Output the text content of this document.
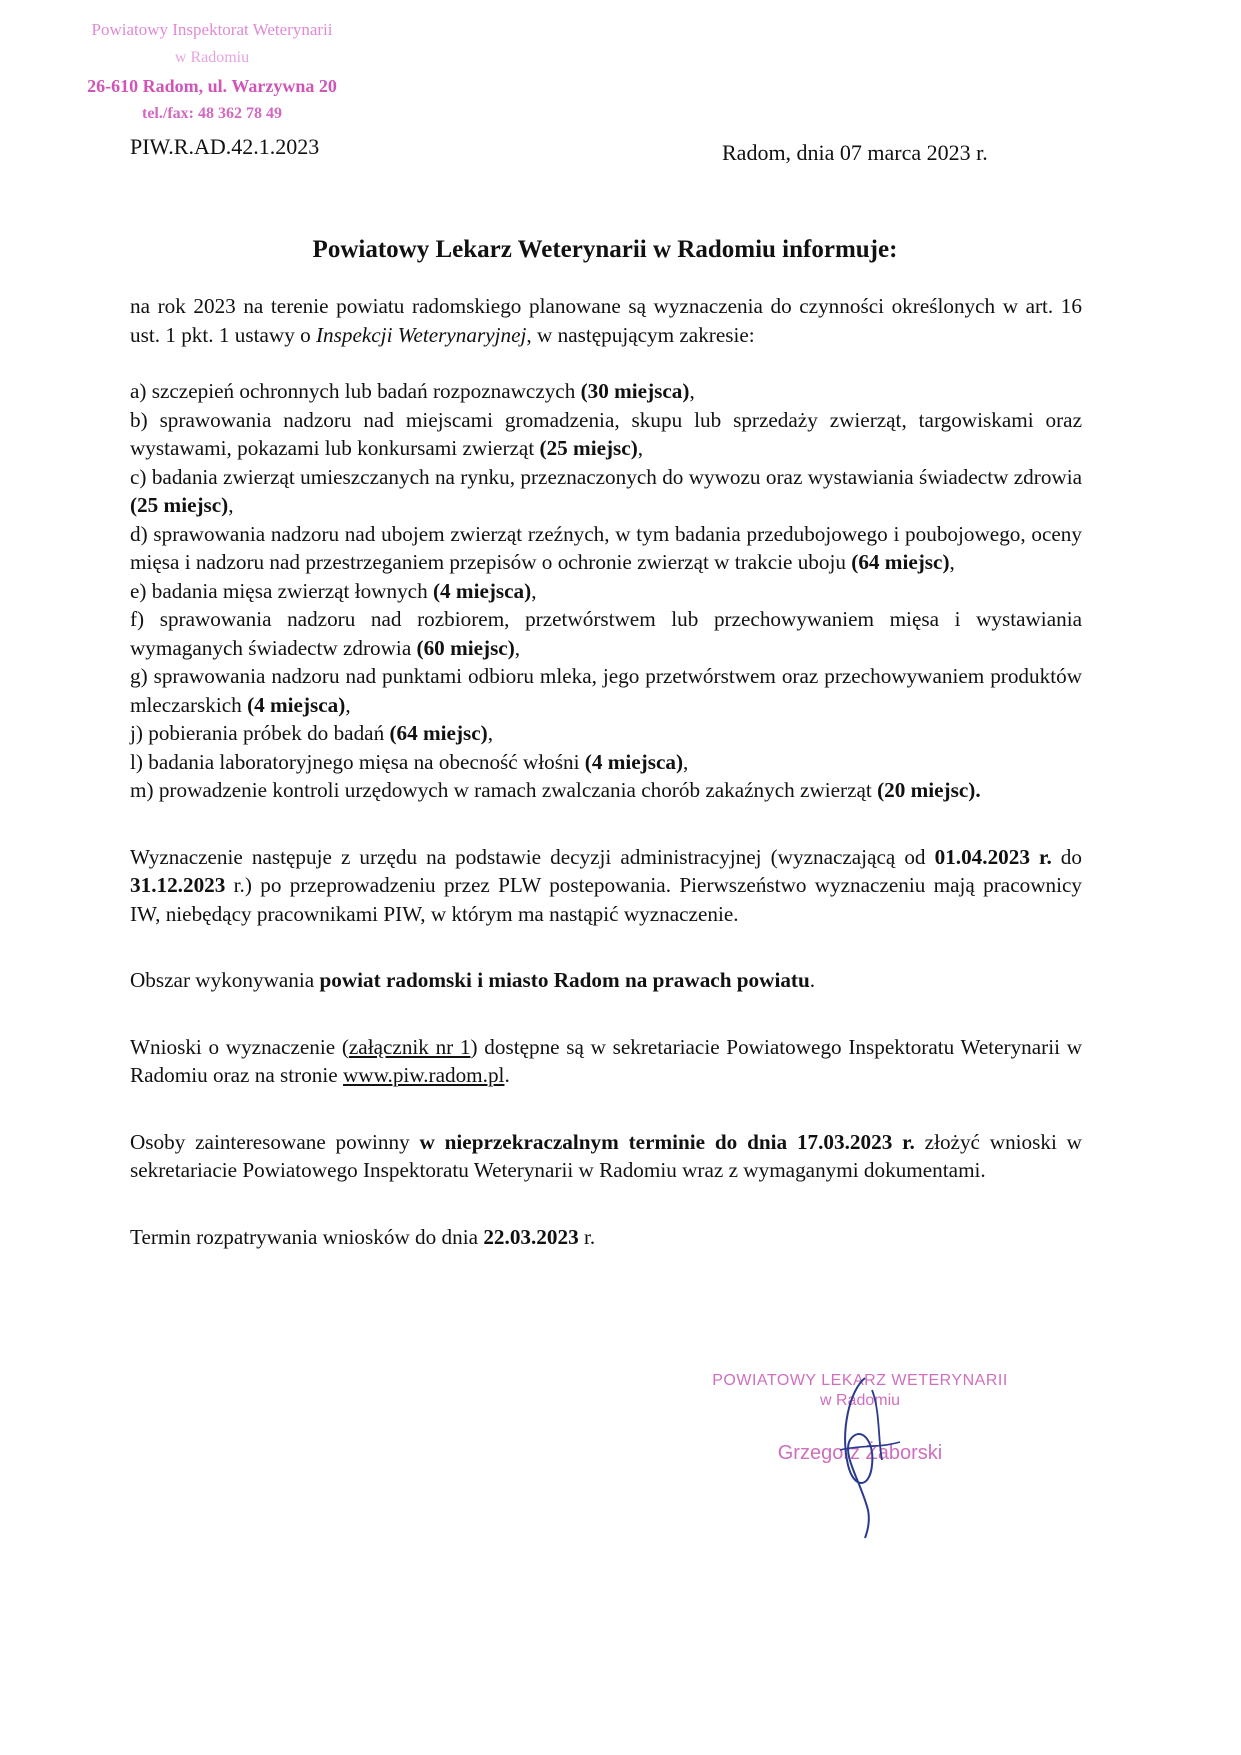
Powiatowy Inspektorat Weterynarii
w Radomiu
26-610 Radom, ul. Warzywna 20
tel./fax: 48 362 78 49
PIW.R.AD.42.1.2023	Radom, dnia 07 marca 2023 r.
Powiatowy Lekarz Weterynarii w Radomiu informuje:

na rok 2023 na terenie powiatu radomskiego planowane są wyznaczenia do czynności określonych w art. 16 ust. 1 pkt. 1 ustawy o Inspekcji Weterynaryjnej, w następującym zakresie:

a) szczepień ochronnych lub badań rozpoznawczych (30 miejsca),

b) sprawowania nadzoru nad miejscami gromadzenia, skupu lub sprzedaży zwierząt, targowiskami oraz wystawami, pokazami lub konkursami zwierząt (25 miejsc),

c) badania zwierząt umieszczanych na rynku, przeznaczonych do wywozu oraz wystawiania świadectw zdrowia (25 miejsc),

d) sprawowania nadzoru nad ubojem zwierząt rzeźnych, w tym badania przedubojowego i poubojowego, oceny mięsa i nadzoru nad przestrzeganiem przepisów o ochronie zwierząt w trakcie uboju (64 miejsc),

e) badania mięsa zwierząt łownych (4 miejsca),

f) sprawowania nadzoru nad rozbiorem, przetwórstwem lub przechowywaniem mięsa i wystawiania wymaganych świadectw zdrowia (60 miejsc),

g) sprawowania nadzoru nad punktami odbioru mleka, jego przetwórstwem oraz przechowywaniem produktów mleczarskich (4 miejsca),

j) pobierania próbek do badań (64 miejsc),

l) badania laboratoryjnego mięsa na obecność włośni (4 miejsca),

m) prowadzenie kontroli urzędowych w ramach zwalczania chorób zakaźnych zwierząt (20 miejsc).

Wyznaczenie następuje z urzędu na podstawie decyzji administracyjnej (wyznaczającą od 01.04.2023 r. do 31.12.2023 r.) po przeprowadzeniu przez PLW postepowania. Pierwszeństwo wyznaczeniu mają pracownicy IW, niebędący pracownikami PIW, w którym ma nastąpić wyznaczenie.

Obszar wykonywania powiat radomski i miasto Radom na prawach powiatu.

Wnioski o wyznaczenie (załącznik nr 1) dostępne są w sekretariacie Powiatowego Inspektoratu Weterynarii w Radomiu oraz na stronie www.piw.radom.pl.

Osoby zainteresowane powinny w nieprzekraczalnym terminie do dnia 17.03.2023 r. złożyć wnioski w sekretariacie Powiatowego Inspektoratu Weterynarii w Radomiu wraz z wymaganymi dokumentami.

Termin rozpatrywania wniosków do dnia 22.03.2023 r.

POWIATOWY LEKARZ WETERYNARII
w Radomiu
Grzegorz Żaborski
